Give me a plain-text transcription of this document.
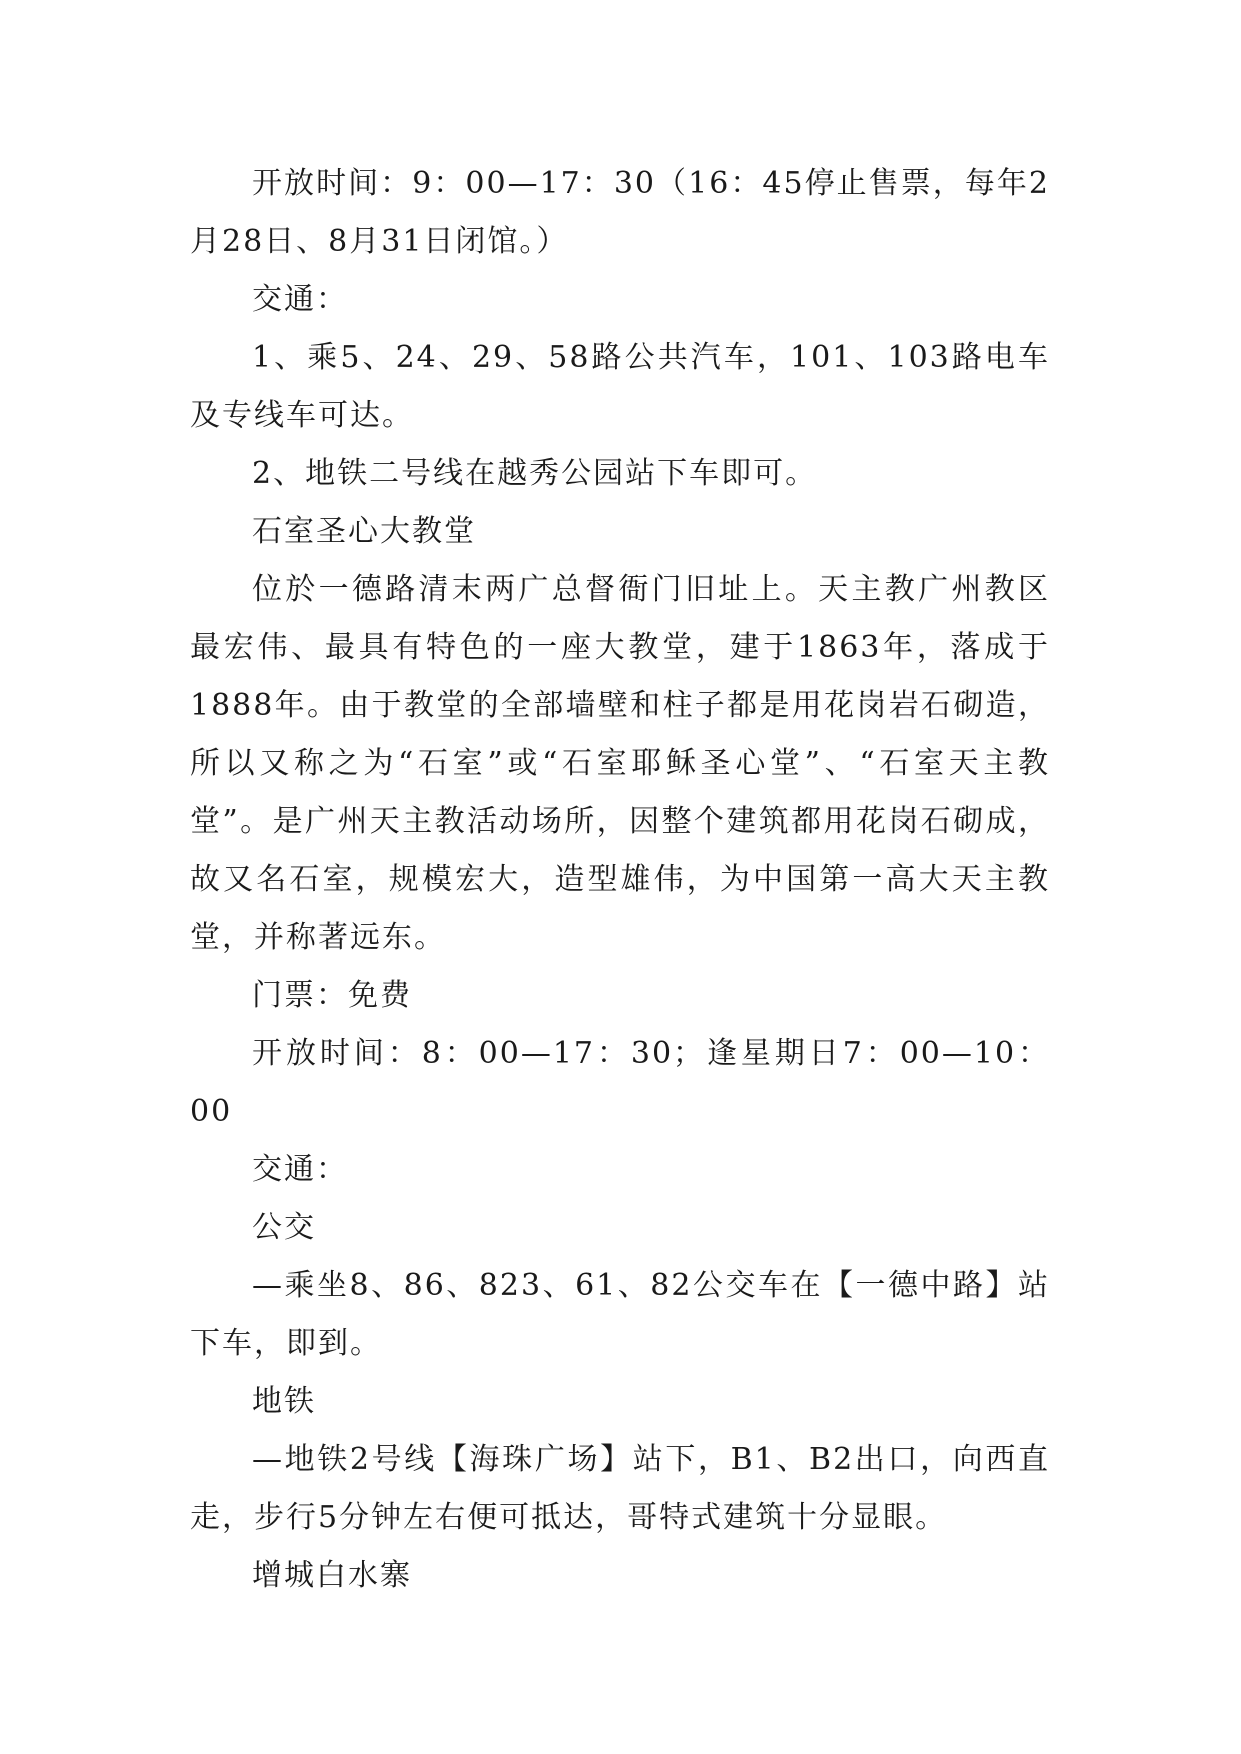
开放时间：9：00—17：30（16：45停止售票，每年2月28日、8月31日闭馆。）

交通：

1、乘5、24、29、58路公共汽车，101、103路电车及专线车可达。

2、地铁二号线在越秀公园站下车即可。

石室圣心大教堂

位於一德路清末两广总督衙门旧址上。天主教广州教区最宏伟、最具有特色的一座大教堂，建于1863年，落成于1888年。由于教堂的全部墙壁和柱子都是用花岗岩石砌造，所以又称之为“石室”或“石室耶稣圣心堂”、“石室天主教堂”。是广州天主教活动场所，因整个建筑都用花岗石砌成，故又名石室，规模宏大，造型雄伟，为中国第一高大天主教堂，并称著远东。

门票：免费

开放时间：8：00—17：30；逢星期日7：00—10：00

交通：

公交

—乘坐8、86、823、61、82公交车在【一德中路】站下车，即到。

地铁

—地铁2号线【海珠广场】站下，B1、B2出口，向西直走，步行5分钟左右便可抵达，哥特式建筑十分显眼。

增城白水寨
